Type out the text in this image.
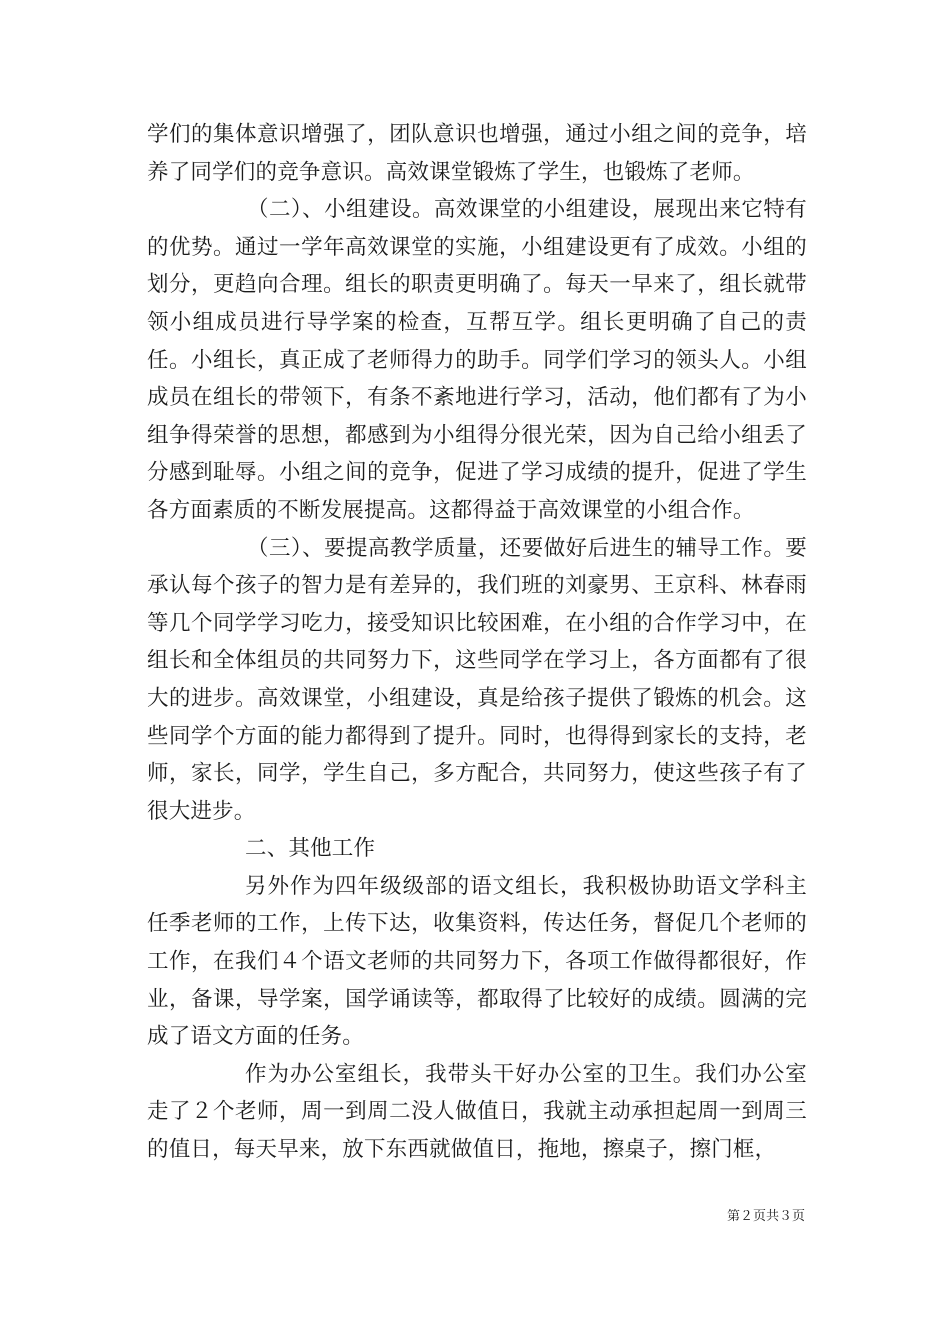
学们的集体意识增强了，团队意识也增强，通过小组之间的竞争，培养了同学们的竞争意识。高效课堂锻炼了学生，也锻炼了老师。

（二）、小组建设。高效课堂的小组建设，展现出来它特有的优势。通过一学年高效课堂的实施，小组建设更有了成效。小组的划分，更趋向合理。组长的职责更明确了。每天一早来了，组长就带领小组成员进行导学案的检查，互帮互学。组长更明确了自己的责任。小组长，真正成了老师得力的助手。同学们学习的领头人。小组成员在组长的带领下，有条不紊地进行学习，活动，他们都有了为小组争得荣誉的思想，都感到为小组得分很光荣，因为自己给小组丢了分感到耻辱。小组之间的竞争，促进了学习成绩的提升，促进了学生各方面素质的不断发展提高。这都得益于高效课堂的小组合作。

（三）、要提高教学质量，还要做好后进生的辅导工作。要承认每个孩子的智力是有差异的，我们班的刘豪男、王京科、林春雨等几个同学学习吃力，接受知识比较困难，在小组的合作学习中，在组长和全体组员的共同努力下，这些同学在学习上，各方面都有了很大的进步。高效课堂，小组建设，真是给孩子提供了锻炼的机会。这些同学个方面的能力都得到了提升。同时，也得得到家长的支持，老师，家长，同学，学生自己，多方配合，共同努力，使这些孩子有了很大进步。

二、其他工作

另外作为四年级级部的语文组长，我积极协助语文学科主任季老师的工作，上传下达，收集资料，传达任务，督促几个老师的工作，在我们４个语文老师的共同努力下，各项工作做得都很好，作业，备课，导学案，国学诵读等，都取得了比较好的成绩。圆满的完成了语文方面的任务。

作为办公室组长，我带头干好办公室的卫生。我们办公室走了２个老师，周一到周二没人做值日，我就主动承担起周一到周三的值日，每天早来，放下东西就做值日，拖地，擦桌子，擦门框，

第２页共３页
